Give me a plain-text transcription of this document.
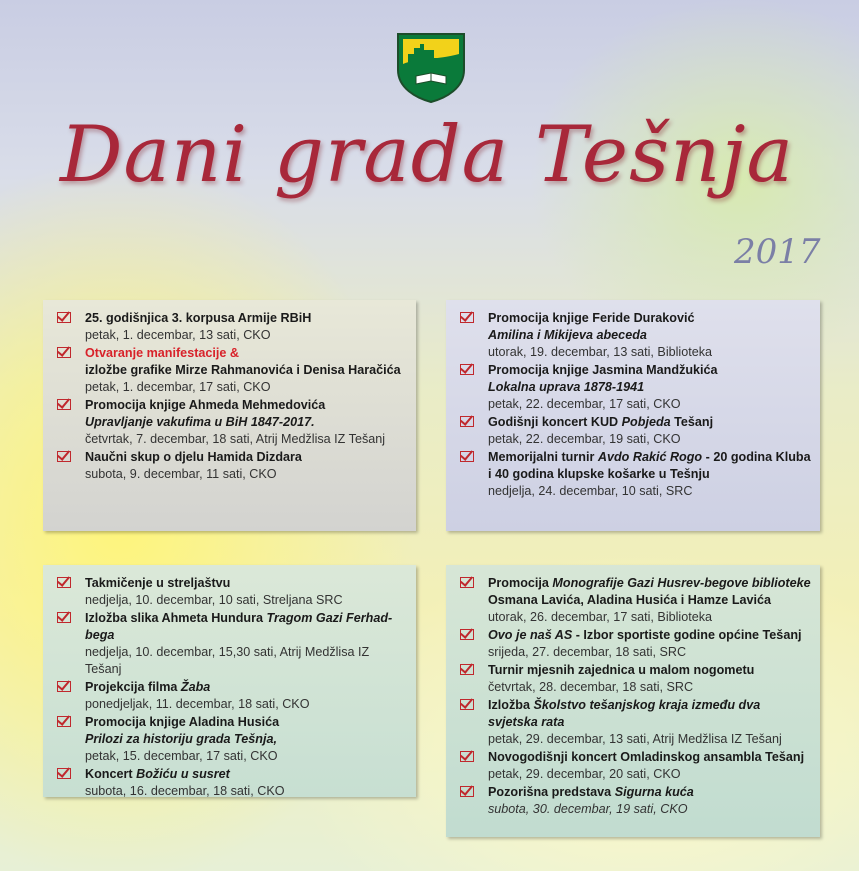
Dani grada Tešnja
2017
25. godišnjica 3. korpusa Armije RBiH
petak, 1. decembar, 13 sati, CKO
Otvaranje manifestacije &
izložbe grafike Mirze Rahmanovića i Denisa Haračića
petak, 1. decembar, 17 sati, CKO
Promocija knjige Ahmeda Mehmedovića
Upravljanje vakufima u BiH 1847-2017.
četvrtak, 7. decembar, 18 sati, Atrij Medžlisa IZ Tešanj
Naučni skup o djelu Hamida Dizdara
subota, 9. decembar, 11 sati, CKO
Promocija knjige Feride Duraković
Amilina i Mikijeva abeceda
utorak, 19. decembar, 13 sati, Biblioteka
Promocija knjige Jasmina Mandžukića
Lokalna uprava 1878-1941
petak, 22. decembar, 17 sati, CKO
Godišnji koncert KUD Pobjeda Tešanj
petak, 22. decembar, 19 sati, CKO
Memorijalni turnir Avdo Rakić Rogo - 20 godina Kluba i 40 godina klupske košarke u Tešnju
nedjelja, 24. decembar, 10 sati, SRC
Takmičenje u streljaštvu
nedjelja, 10. decembar, 10 sati, Streljana SRC
Izložba slika Ahmeta Hundura Tragom Gazi Ferhad-bega
nedjelja, 10. decembar, 15,30 sati, Atrij Medžlisa IZ Tešanj
Projekcija filma Žaba
ponedjeljak, 11. decembar, 18 sati, CKO
Promocija knjige Aladina Husića
Prilozi za historiju grada Tešnja,
petak, 15. decembar, 17 sati, CKO
Koncert Božiću u susret
subota, 16. decembar, 18 sati, CKO
Promocija Monografije Gazi Husrev-begove biblioteke Osmana Lavića, Aladina Husića i Hamze Lavića
utorak, 26. decembar, 17 sati, Biblioteka
Ovo je naš AS - Izbor sportiste godine općine Tešanj
srijeda, 27. decembar, 18 sati, SRC
Turnir mjesnih zajednica u malom nogometu
četvrtak, 28. decembar, 18 sati, SRC
Izložba Školstvo tešanjskog kraja između dva svjetska rata
petak, 29. decembar, 13 sati, Atrij Medžlisa IZ Tešanj
Novogodišnji koncert Omladinskog ansambla Tešanj
petak, 29. decembar, 20 sati, CKO
Pozorišna predstava Sigurna kuća
subota, 30. decembar, 19 sati, CKO
